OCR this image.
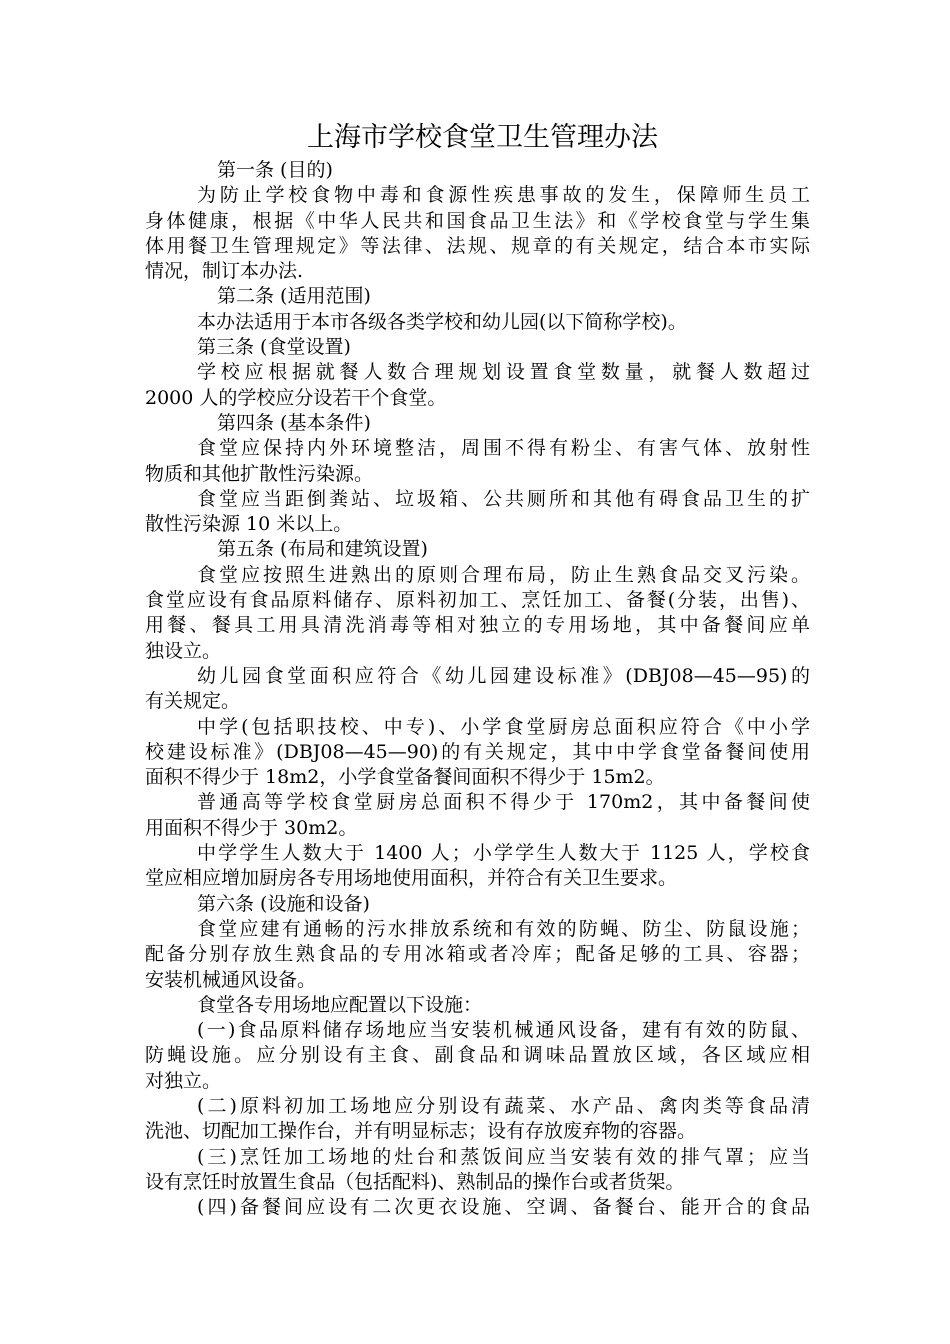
上海市学校食堂卫生管理办法
第一条 (目的)
为防止学校食物中毒和食源性疾患事故的发生，保障师生员工
身体健康，根据《中华人民共和国食品卫生法》和《学校食堂与学生集
体用餐卫生管理规定》等法律、法规、规章的有关规定，结合本市实际
情况，制订本办法.
第二条 (适用范围)
本办法适用于本市各级各类学校和幼儿园(以下简称学校)。
第三条 (食堂设置)
学校应根据就餐人数合理规划设置食堂数量，就餐人数超过
2000 人的学校应分设若干个食堂。
第四条 (基本条件)
食堂应保持内外环境整洁，周围不得有粉尘、有害气体、放射性
物质和其他扩散性污染源。
食堂应当距倒粪站、垃圾箱、公共厕所和其他有碍食品卫生的扩
散性污染源 10 米以上。
第五条 (布局和建筑设置)
食堂应按照生进熟出的原则合理布局，防止生熟食品交叉污染。
食堂应设有食品原料储存、原料初加工、烹饪加工、备餐(分装，出售)、
用餐、餐具工用具清洗消毒等相对独立的专用场地，其中备餐间应单
独设立。
幼儿园食堂面积应符合《幼儿园建设标准》(DBJ08—45—95)的
有关规定。
中学(包括职技校、中专)、小学食堂厨房总面积应符合《中小学
校建设标准》(DBJ08—45—90)的有关规定，其中中学食堂备餐间使用
面积不得少于 18m2，小学食堂备餐间面积不得少于 15m2。
普通高等学校食堂厨房总面积不得少于 170m2，其中备餐间使
用面积不得少于 30m2。
中学学生人数大于 1400 人；小学学生人数大于 1125 人，学校食
堂应相应增加厨房各专用场地使用面积，并符合有关卫生要求。
第六条 (设施和设备)
食堂应建有通畅的污水排放系统和有效的防蝇、防尘、防鼠设施；
配备分别存放生熟食品的专用冰箱或者冷库；配备足够的工具、容器；
安装机械通风设备。
食堂各专用场地应配置以下设施：
(一)食品原料储存场地应当安装机械通风设备，建有有效的防鼠、
防蝇设施。应分别设有主食、副食品和调味品置放区域，各区域应相
对独立。
(二)原料初加工场地应分别设有蔬菜、水产品、禽肉类等食品清
洗池、切配加工操作台，并有明显标志；设有存放废弃物的容器。
(三)烹饪加工场地的灶台和蒸饭间应当安装有效的排气罩；应当
设有烹饪时放置生食品（包括配料)、熟制品的操作台或者货架。
(四)备餐间应设有二次更衣设施、空调、备餐台、能开合的食品
